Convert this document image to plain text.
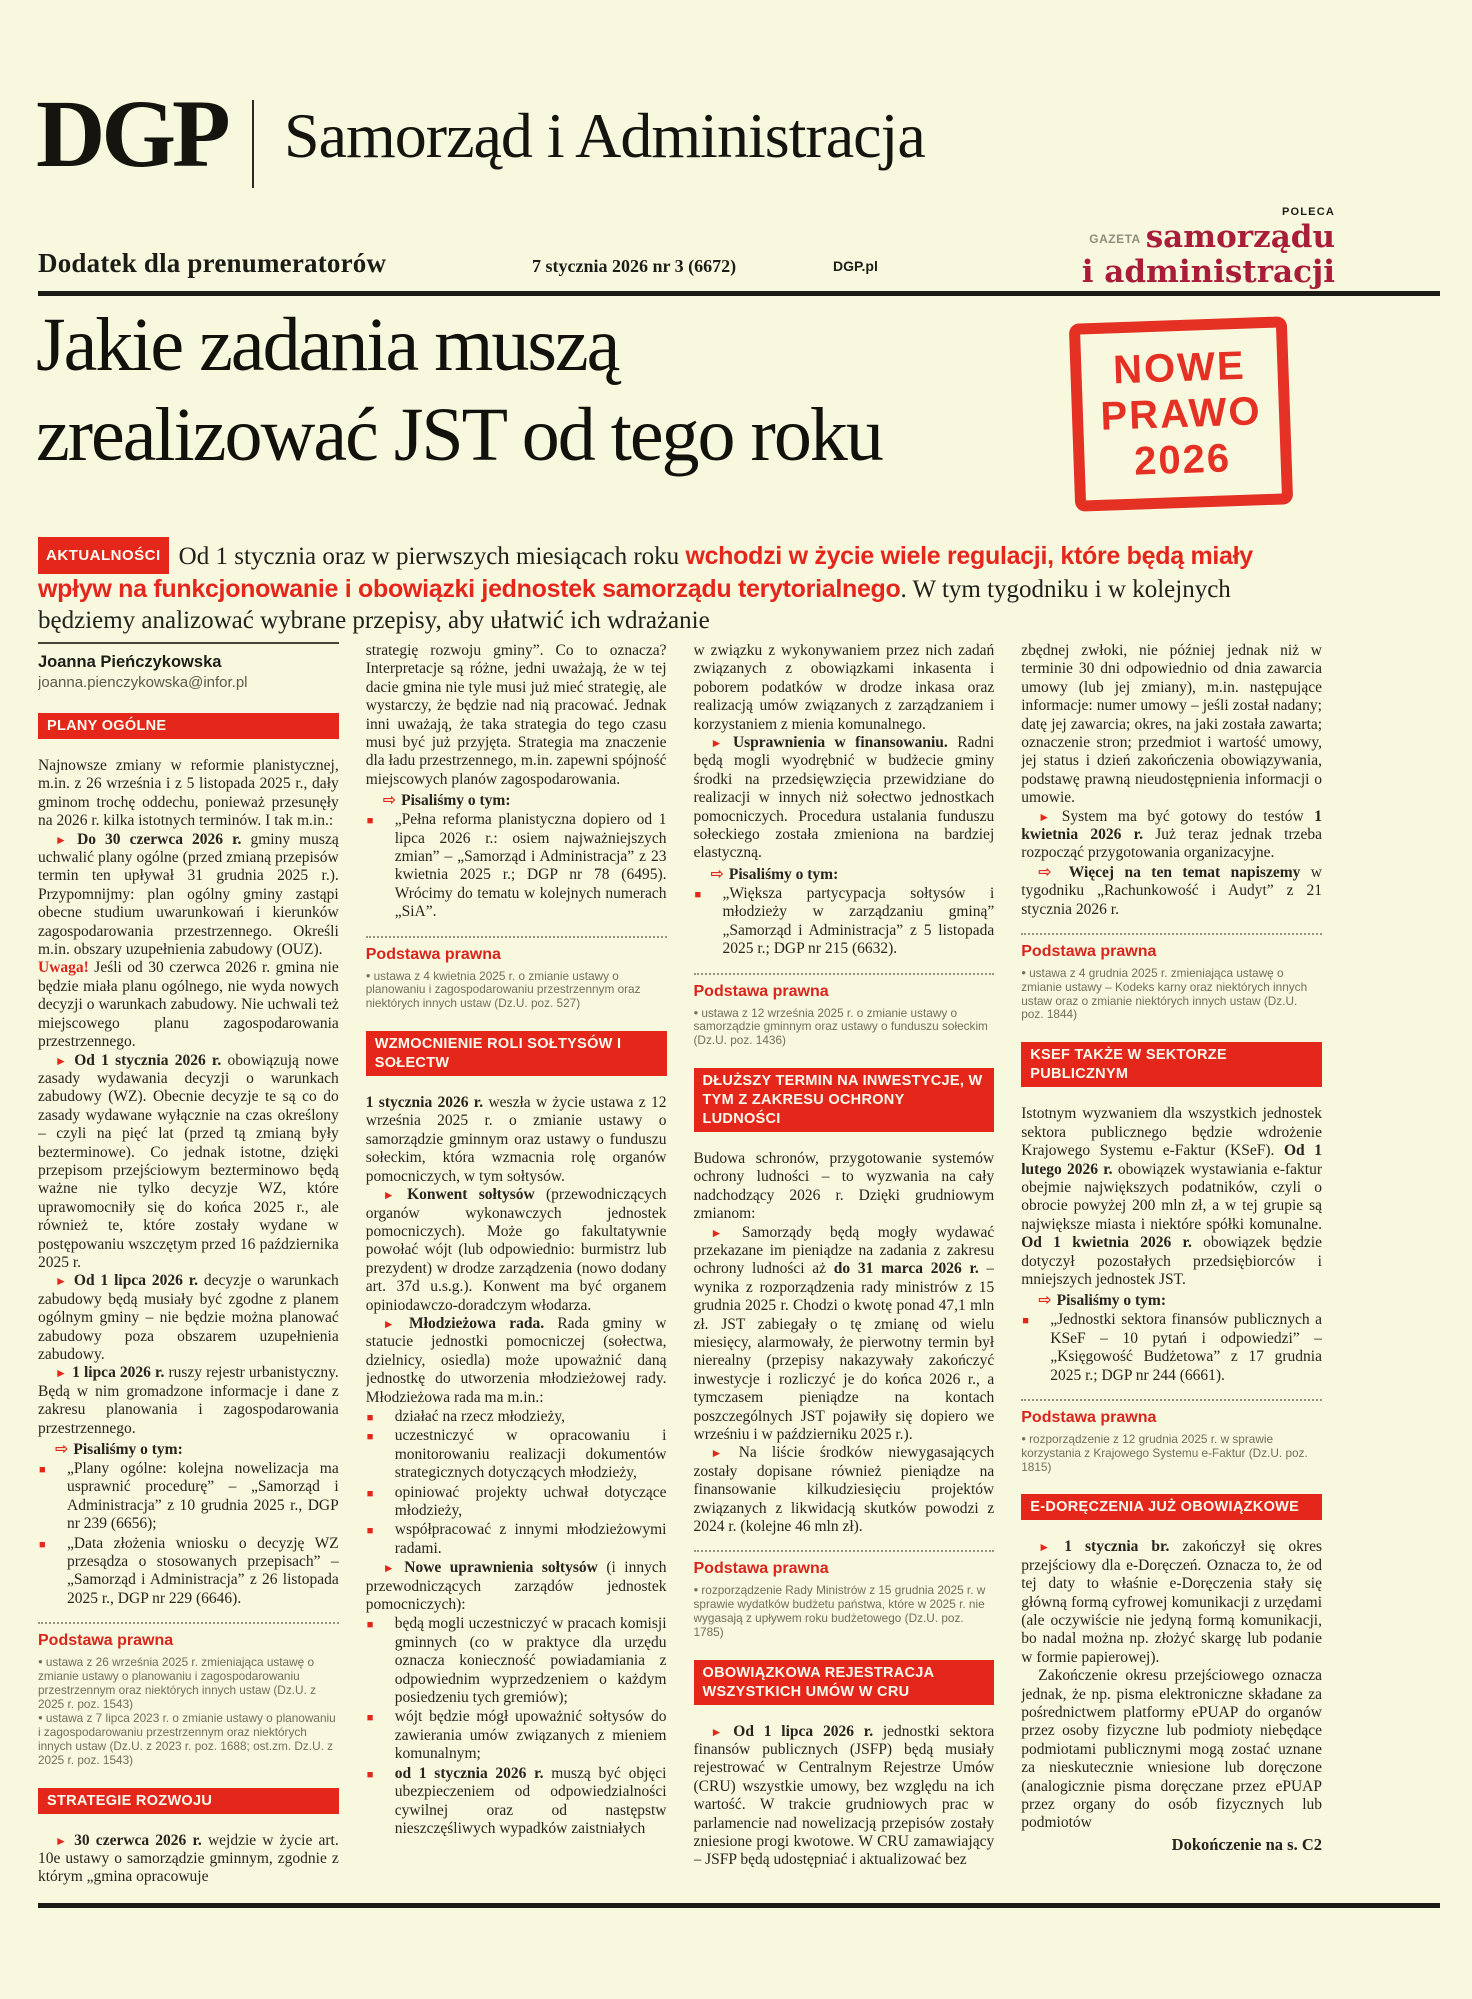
DGP Samorząd i Administracja
POLECA
$^{GAZETA}$ samorządu
i administracji
Dodatek dla prenumeratorów	7 stycznia 2026 nr 3 (6672)	DGP.pl
Jakie zadania muszą
zrealizować JST od tego roku
NOWE
PRAWO
2026

AKTUALNOŚCI Od 1 stycznia oraz w pierwszych miesiącach roku wchodzi w życie wiele regulacji, które będą miały wpływ na funkcjonowanie i obowiązki jednostek samorządu terytorialnego. W tym tygodniku i w kolejnych będziemy analizować wybrane przepisy, aby ułatwić ich wdrażanie

Joanna Pieńczykowska

joanna.pienczykowska@infor.pl

PLANY OGÓLNE

Najnowsze zmiany w reformie planistycznej, m.in. z 26 września i z 5 listopada 2025 r., dały gminom trochę oddechu, ponieważ przesunęły na 2026 r. kilka istotnych terminów. I tak m.in.:

► Do 30 czerwca 2026 r. gminy muszą uchwalić plany ogólne (przed zmianą przepisów termin ten upływał 31 grudnia 2025 r.). Przypomnijmy: plan ogólny gminy zastąpi obecne studium uwarunkowań i kierunków zagospodarowania przestrzennego. Określi m.in. obszary uzupełnienia zabudowy (OUZ).

Uwaga! Jeśli od 30 czerwca 2026 r. gmina nie będzie miała planu ogólnego, nie wyda nowych decyzji o warunkach zabudowy. Nie uchwali też miejscowego planu zagospodarowania przestrzennego.

► Od 1 stycznia 2026 r. obowiązują nowe zasady wydawania decyzji o warunkach zabudowy (WZ). Obecnie decyzje te są co do zasady wydawane wyłącznie na czas określony – czyli na pięć lat (przed tą zmianą były bezterminowe). Co jednak istotne, dzięki przepisom przejściowym bezterminowo będą ważne nie tylko decyzje WZ, które uprawomocniły się do końca 2025 r., ale również te, które zostały wydane w postępowaniu wszczętym przed 16 października 2025 r.

► Od 1 lipca 2026 r. decyzje o warunkach zabudowy będą musiały być zgodne z planem ogólnym gminy – nie będzie można planować zabudowy poza obszarem uzupełnienia zabudowy.

► 1 lipca 2026 r. ruszy rejestr urbanistyczny. Będą w nim gromadzone informacje i dane z zakresu planowania i zagospodarowania przestrzennego.

⇨ Pisaliśmy o tym:

■ „Plany ogólne: kolejna nowelizacja ma usprawnić procedurę” – „Samorząd i Administracja” z 10 grudnia 2025 r., DGP nr 239 (6656);
■ „Data złożenia wniosku o decyzję WZ przesądza o stosowanych przepisach” – „Samorząd i Administracja” z 26 listopada 2025 r., DGP nr 229 (6646).
Podstawa prawna

● ustawa z 26 września 2025 r. zmieniająca ustawę o zmianie ustawy o planowaniu i zagospodarowaniu przestrzennym oraz niektórych innych ustaw (Dz.U. z 2025 r. poz. 1543)

● ustawa z 7 lipca 2023 r. o zmianie ustawy o planowaniu i zagospodarowaniu przestrzennym oraz niektórych innych ustaw (Dz.U. z 2023 r. poz. 1688; ost.zm. Dz.U. z 2025 r. poz. 1543)

STRATEGIE ROZWOJU

► 30 czerwca 2026 r. wejdzie w życie art. 10e ustawy o samorządzie gminnym, zgodnie z którym „gmina opracowuje

strategię rozwoju gminy”. Co to oznacza? Interpretacje są różne, jedni uważają, że w tej dacie gmina nie tyle musi już mieć strategię, ale wystarczy, że będzie nad nią pracować. Jednak inni uważają, że taka strategia do tego czasu musi być już przyjęta. Strategia ma znaczenie dla ładu przestrzennego, m.in. zapewni spójność miejscowych planów zagospodarowania.

⇨ Pisaliśmy o tym:

■ „Pełna reforma planistyczna dopiero od 1 lipca 2026 r.: osiem najważniejszych zmian” – „Samorząd i Administracja” z 23 kwietnia 2025 r.; DGP nr 78 (6495). Wrócimy do tematu w kolejnych numerach „SiA”.
Podstawa prawna

● ustawa z 4 kwietnia 2025 r. o zmianie ustawy o planowaniu i zagospodarowaniu przestrzennym oraz niektórych innych ustaw (Dz.U. poz. 527)

WZMOCNIENIE ROLI SOŁTYSÓW I SOŁECTW

1 stycznia 2026 r. weszła w życie ustawa z 12 września 2025 r. o zmianie ustawy o samorządzie gminnym oraz ustawy o funduszu sołeckim, która wzmacnia rolę organów pomocniczych, w tym sołtysów.

► Konwent sołtysów (przewodniczących organów wykonawczych jednostek pomocniczych). Może go fakultatywnie powołać wójt (lub odpowiednio: burmistrz lub prezydent) w drodze zarządzenia (nowo dodany art. 37d u.s.g.). Konwent ma być organem opiniodawczo-doradczym włodarza.

► Młodzieżowa rada. Rada gminy w statucie jednostki pomocniczej (sołectwa, dzielnicy, osiedla) może upoważnić daną jednostkę do utworzenia młodzieżowej rady. Młodzieżowa rada ma m.in.:

■ działać na rzecz młodzieży,
■ uczestniczyć w opracowaniu i monitorowaniu realizacji dokumentów strategicznych dotyczących młodzieży,
■ opiniować projekty uchwał dotyczące młodzieży,
■ współpracować z innymi młodzieżowymi radami.

► Nowe uprawnienia sołtysów (i innych przewodniczących zarządów jednostek pomocniczych):

■ będą mogli uczestniczyć w pracach komisji gminnych (co w praktyce dla urzędu oznacza konieczność powiadamiania z odpowiednim wyprzedzeniem o każdym posiedzeniu tych gremiów);
■ wójt będzie mógł upoważnić sołtysów do zawierania umów związanych z mieniem komunalnym;
■ od 1 stycznia 2026 r. muszą być objęci ubezpieczeniem od odpowiedzialności cywilnej oraz od następstw nieszczęśliwych wypadków zaistniałych

w związku z wykonywaniem przez nich zadań związanych z obowiązkami inkasenta i poborem podatków w drodze inkasa oraz realizacją umów związanych z zarządzaniem i korzystaniem z mienia komunalnego.

► Usprawnienia w finansowaniu. Radni będą mogli wyodrębnić w budżecie gminy środki na przedsięwzięcia przewidziane do realizacji w innych niż sołectwo jednostkach pomocniczych. Procedura ustalania funduszu sołeckiego została zmieniona na bardziej elastyczną.

⇨ Pisaliśmy o tym:

■ „Większa partycypacja sołtysów i młodzieży w zarządzaniu gminą” „Samorząd i Administracja” z 5 listopada 2025 r.; DGP nr 215 (6632).
Podstawa prawna

● ustawa z 12 września 2025 r. o zmianie ustawy o samorządzie gminnym oraz ustawy o funduszu sołeckim (Dz.U. poz. 1436)

DŁUŻSZY TERMIN NA INWESTYCJE, W TYM Z ZAKRESU OCHRONY LUDNOŚCI

Budowa schronów, przygotowanie systemów ochrony ludności – to wyzwania na cały nadchodzący 2026 r. Dzięki grudniowym zmianom:

► Samorządy będą mogły wydawać przekazane im pieniądze na zadania z zakresu ochrony ludności aż do 31 marca 2026 r. – wynika z rozporządzenia rady ministrów z 15 grudnia 2025 r. Chodzi o kwotę ponad 47,1 mln zł. JST zabiegały o tę zmianę od wielu miesięcy, alarmowały, że pierwotny termin był nierealny (przepisy nakazywały zakończyć inwestycje i rozliczyć je do końca 2026 r., a tymczasem pieniądze na kontach poszczególnych JST pojawiły się dopiero we wrześniu i w październiku 2025 r.).

► Na liście środków niewygasających zostały dopisane również pieniądze na finansowanie kilkudziesięciu projektów związanych z likwidacją skutków powodzi z 2024 r. (kolejne 46 mln zł).

Podstawa prawna

● rozporządzenie Rady Ministrów z 15 grudnia 2025 r. w sprawie wydatków budżetu państwa, które w 2025 r. nie wygasają z upływem roku budżetowego (Dz.U. poz. 1785)

OBOWIĄZKOWA REJESTRACJA WSZYSTKICH UMÓW W CRU

► Od 1 lipca 2026 r. jednostki sektora finansów publicznych (JSFP) będą musiały rejestrować w Centralnym Rejestrze Umów (CRU) wszystkie umowy, bez względu na ich wartość. W trakcie grudniowych prac w parlamencie nad nowelizacją przepisów zostały zniesione progi kwotowe. W CRU zamawiający – JSFP będą udostępniać i aktualizować bez

zbędnej zwłoki, nie później jednak niż w terminie 30 dni odpowiednio od dnia zawarcia umowy (lub jej zmiany), m.in. następujące informacje: numer umowy – jeśli został nadany; datę jej zawarcia; okres, na jaki została zawarta; oznaczenie stron; przedmiot i wartość umowy, jej status i dzień zakończenia obowiązywania, podstawę prawną nieudostępnienia informacji o umowie.

► System ma być gotowy do testów 1 kwietnia 2026 r. Już teraz jednak trzeba rozpocząć przygotowania organizacyjne.

⇨ Więcej na ten temat napiszemy w tygodniku „Rachunkowość i Audyt” z 21 stycznia 2026 r.

Podstawa prawna

● ustawa z 4 grudnia 2025 r. zmieniająca ustawę o zmianie ustawy – Kodeks karny oraz niektórych innych ustaw oraz o zmianie niektórych innych ustaw (Dz.U. poz. 1844)

KSEF TAKŻE W SEKTORZE PUBLICZNYM

Istotnym wyzwaniem dla wszystkich jednostek sektora publicznego będzie wdrożenie Krajowego Systemu e-Faktur (KSeF). Od 1 lutego 2026 r. obowiązek wystawiania e-faktur obejmie największych podatników, czyli o obrocie powyżej 200 mln zł, a w tej grupie są największe miasta i niektóre spółki komunalne. Od 1 kwietnia 2026 r. obowiązek będzie dotyczył pozostałych przedsiębiorców i mniejszych jednostek JST.

⇨ Pisaliśmy o tym:

■ „Jednostki sektora finansów publicznych a KSeF – 10 pytań i odpowiedzi” – „Księgowość Budżetowa” z 17 grudnia 2025 r.; DGP nr 244 (6661).
Podstawa prawna

● rozporządzenie z 12 grudnia 2025 r. w sprawie korzystania z Krajowego Systemu e-Faktur (Dz.U. poz. 1815)

E-DORĘCZENIA JUŻ OBOWIĄZKOWE

► 1 stycznia br. zakończył się okres przejściowy dla e-Doręczeń. Oznacza to, że od tej daty to właśnie e-Doręczenia stały się główną formą cyfrowej komunikacji z urzędami (ale oczywiście nie jedyną formą komunikacji, bo nadal można np. złożyć skargę lub podanie w formie papierowej).

Zakończenie okresu przejściowego oznacza jednak, że np. pisma elektroniczne składane za pośrednictwem platformy ePUAP do organów przez osoby fizyczne lub podmioty niebędące podmiotami publicznymi mogą zostać uznane za nieskutecznie wniesione lub doręczone (analogicznie pisma doręczane przez ePUAP przez organy do osób fizycznych lub podmiotów

Dokończenie na s. C2
